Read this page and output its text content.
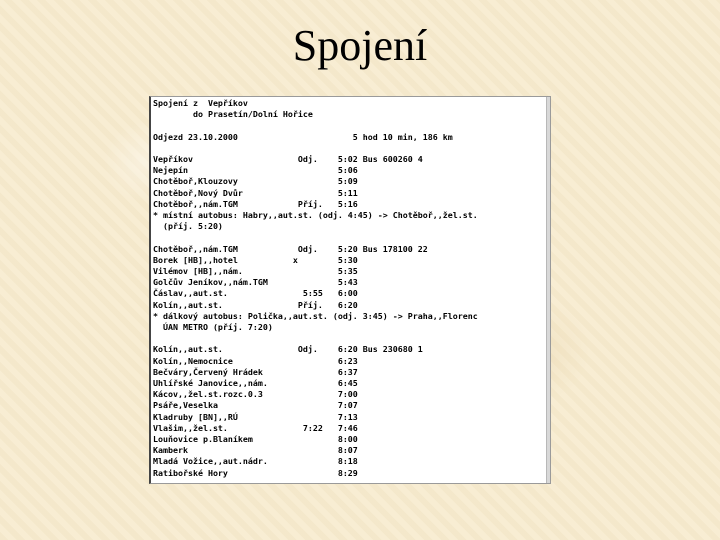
Spojení
Spojení z  Vepříkov
do Prasetín/Dolní Hořice
Odjezd 23.10.2000                       5 hod 10 min, 186 km
Vepříkov                     Odj.    5:02 Bus 600260 4
Nejepín                              5:06
Chotěboř,Klouzovy                    5:09
Chotěboř,Nový Dvůr                   5:11
Chotěboř,,nám.TGM            Příj.   5:16
* místní autobus: Habry,,aut.st. (odj. 4:45) -> Chotěboř,,žel.st.
(příj. 5:20)
Chotěboř,,nám.TGM            Odj.    5:20 Bus 178100 22
Borek [HB],,hotel           x        5:30
Vilémov [HB],,nám.                   5:35
Golčův Jeníkov,,nám.TGM              5:43
Čáslav,,aut.st.               5:55   6:00
Kolín,,aut.st.               Příj.   6:20
* dálkový autobus: Polička,,aut.st. (odj. 3:45) -> Praha,,Florenc
ÚAN METRO (příj. 7:20)
Kolín,,aut.st.               Odj.    6:20 Bus 230680 1
Kolín,,Nemocnice                     6:23
Bečváry,Červený Hrádek               6:37
Uhlířské Janovice,,nám.              6:45
Kácov,,žel.st.rozc.0.3               7:00
Psáře,Veselka                        7:07
Kladruby [BN],,RÚ                    7:13
Vlašim,,žel.st.               7:22   7:46
Louňovice p.Blaníkem                 8:00
Kamberk                              8:07
Mladá Vožice,,aut.nádr.              8:18
Ratibořské Hory                      8:29
